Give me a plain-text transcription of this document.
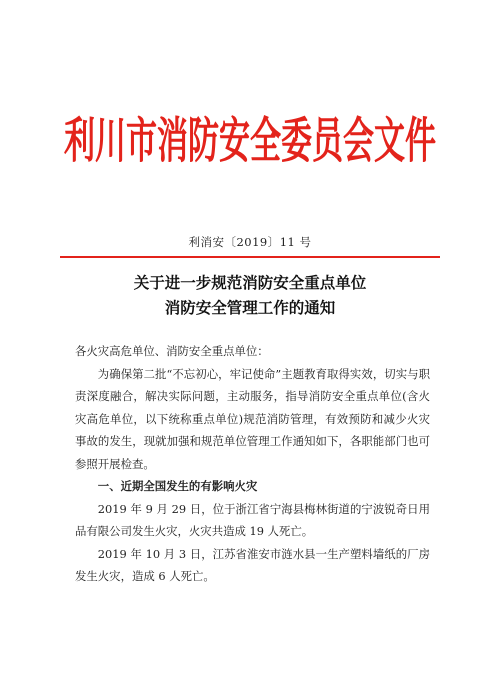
利川市消防安全委员会文件
利消安〔2019〕11 号
关于进一步规范消防安全重点单位
消防安全管理工作的通知

各火灾高危单位、消防安全重点单位：

为确保第二批“不忘初心，牢记使命”主题教育取得实效，切实与职责深度融合，解决实际问题，主动服务，指导消防安全重点单位(含火灾高危单位，以下统称重点单位)规范消防管理，有效预防和减少火灾事故的发生，现就加强和规范单位管理工作通知如下，各职能部门也可参照开展检查。

一、近期全国发生的有影响火灾

2019 年 9 月 29 日，位于浙江省宁海县梅林街道的宁波锐奇日用品有限公司发生火灾，火灾共造成 19 人死亡。

2019 年 10 月 3 日，江苏省淮安市涟水县一生产塑料墙纸的厂房发生火灾，造成 6 人死亡。
